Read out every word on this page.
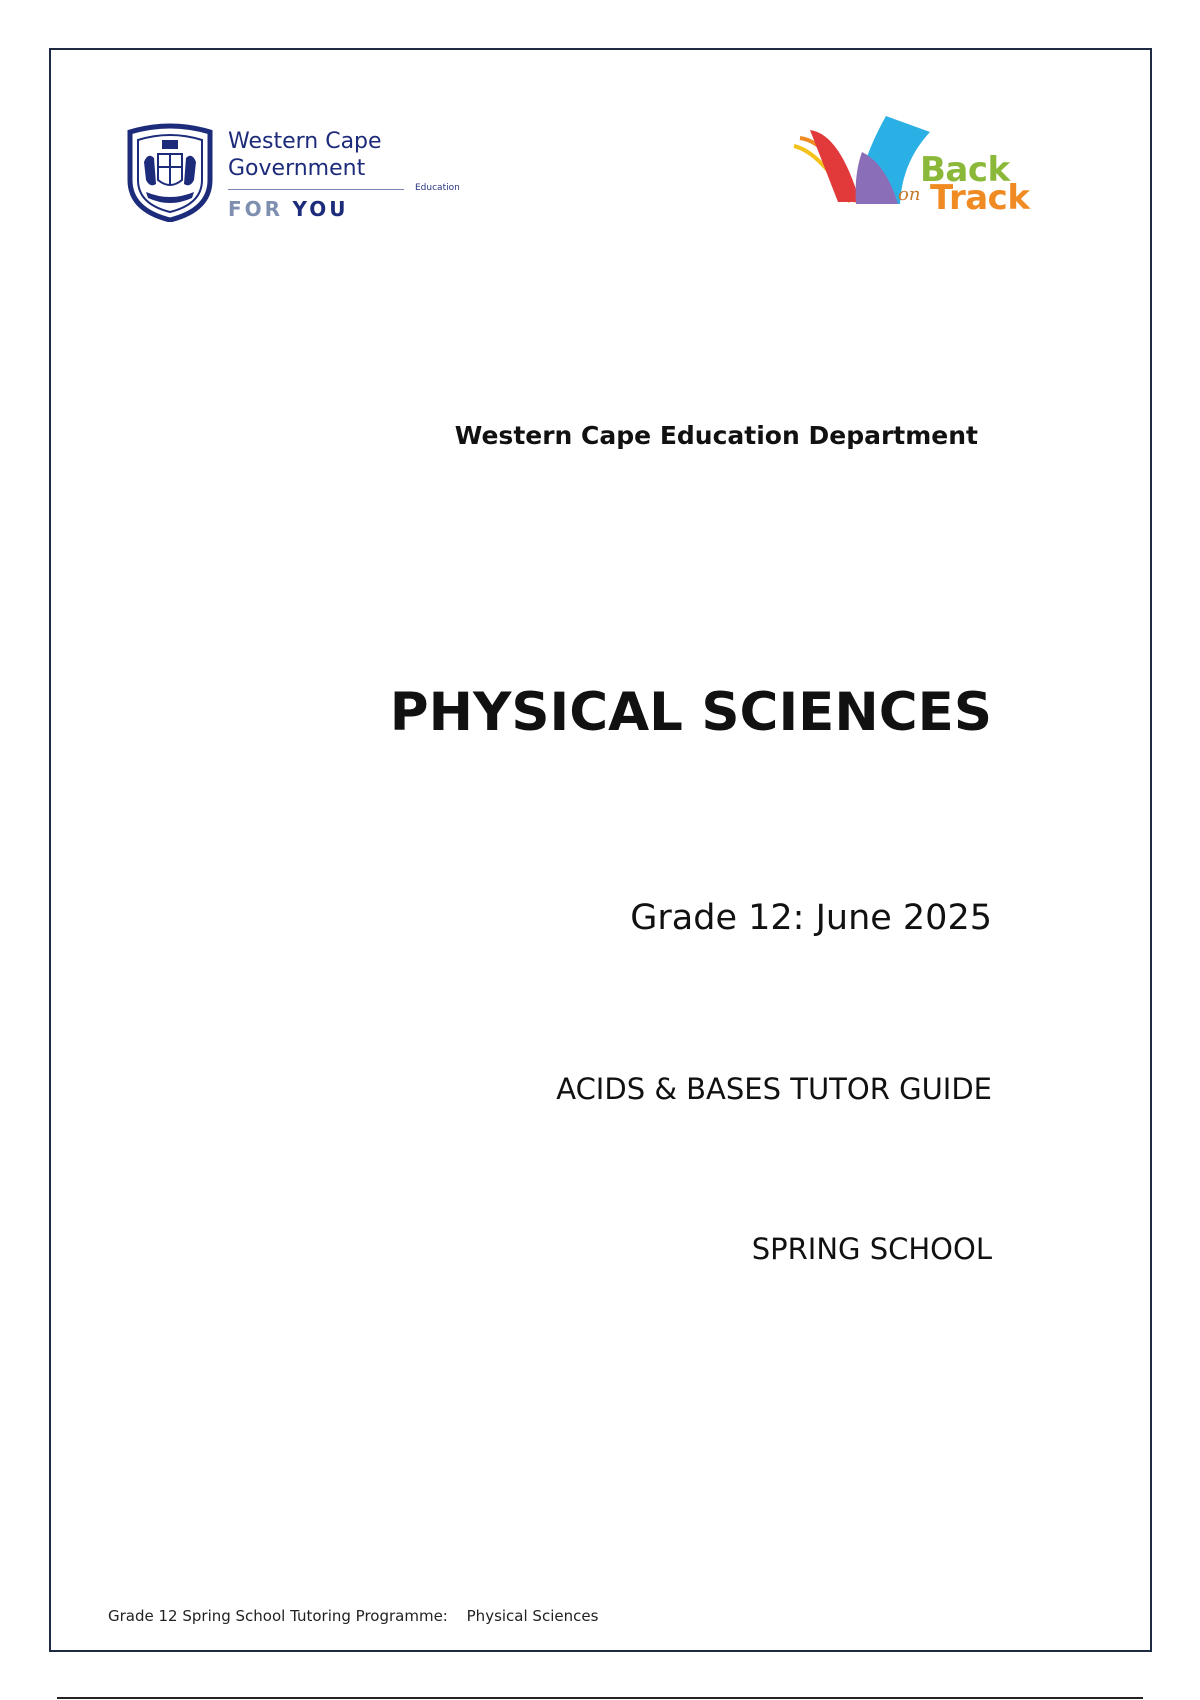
Western Cape
Government
Education
FOR YOU
Back
on Track
Western Cape Education Department
PHYSICAL SCIENCES
Grade 12: June 2025
ACIDS & BASES TUTOR GUIDE
SPRING SCHOOL
Grade 12 Spring School Tutoring Programme: Physical Sciences
